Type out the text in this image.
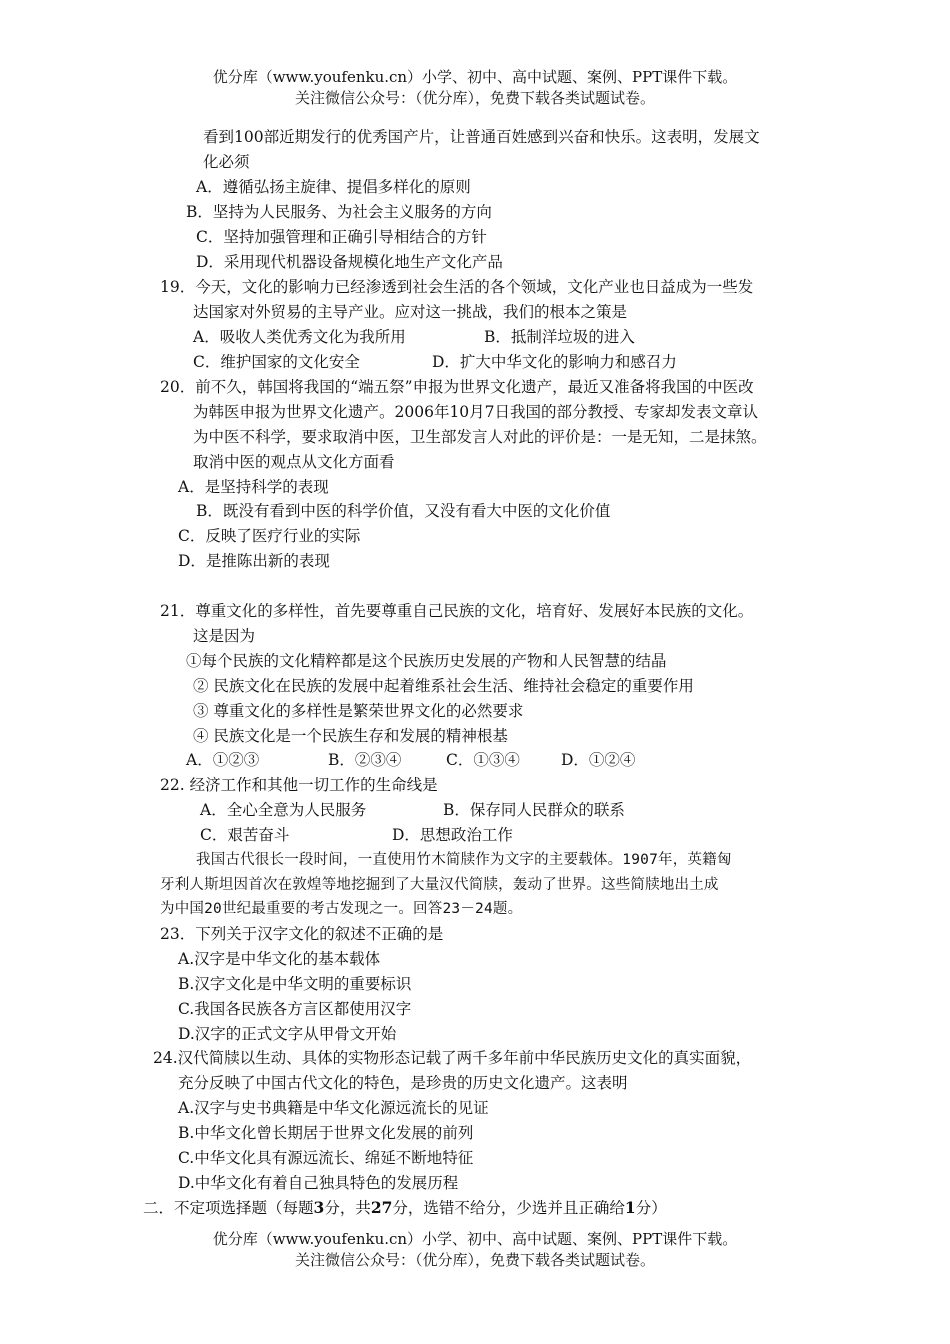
优分库（www.youfenku.cn）小学、初中、高中试题、案例、PPT课件下载。
关注微信公众号：（优分库），免费下载各类试题试卷。
看到100部近期发行的优秀国产片，让普通百姓感到兴奋和快乐。这表明，发展文
化必须
A．遵循弘扬主旋律、提倡多样化的原则
B．坚持为人民服务、为社会主义服务的方向
C．坚持加强管理和正确引导相结合的方针
D．采用现代机器设备规模化地生产文化产品
19．今天，文化的影响力已经渗透到社会生活的各个领域，文化产业也日益成为一些发
达国家对外贸易的主导产业。应对这一挑战，我们的根本之策是
A．吸收人类优秀文化为我所用	B．抵制洋垃圾的进入
C．维护国家的文化安全	D．扩大中华文化的影响力和感召力
20．前不久，韩国将我国的“端五祭”申报为世界文化遗产，最近又准备将我国的中医改
为韩医申报为世界文化遗产。2006年10月7日我国的部分教授、专家却发表文章认
为中医不科学，要求取消中医，卫生部发言人对此的评价是：一是无知，二是抹煞。
取消中医的观点从文化方面看
A．是坚持科学的表现
B．既没有看到中医的科学价值，又没有看大中医的文化价值
C．反映了医疗行业的实际
D．是推陈出新的表现
21．尊重文化的多样性，首先要尊重自己民族的文化，培育好、发展好本民族的文化。
这是因为
①每个民族的文化精粹都是这个民族历史发展的产物和人民智慧的结晶
② 民族文化在民族的发展中起着维系社会生活、维持社会稳定的重要作用
③ 尊重文化的多样性是繁荣世界文化的必然要求
④ 民族文化是一个民族生存和发展的精神根基
A．①②③	B．②③④	C．①③④	D．①②④
22. 经济工作和其他一切工作的生命线是
A．全心全意为人民服务	B．保存同人民群众的联系
C．艰苦奋斗	D．思想政治工作
我国古代很长一段时间，一直使用竹木简牍作为文字的主要载体。1907年，英籍匈
牙利人斯坦因首次在敦煌等地挖掘到了大量汉代简牍，轰动了世界。这些简牍地出土成
为中国20世纪最重要的考古发现之一。回答23－24题。
23．下列关于汉字文化的叙述不正确的是
A.汉字是中华文化的基本载体
B.汉字文化是中华文明的重要标识
C.我国各民族各方言区都使用汉字
D.汉字的正式文字从甲骨文开始
24.汉代简牍以生动、具体的实物形态记载了两千多年前中华民族历史文化的真实面貌，
充分反映了中国古代文化的特色，是珍贵的历史文化遗产。这表明
A.汉字与史书典籍是中华文化源远流长的见证
B.中华文化曾长期居于世界文化发展的前列
C.中华文化具有源远流长、绵延不断地特征
D.中华文化有着自己独具特色的发展历程
二．不定项选择题（每题3分，共27分，选错不给分，少选并且正确给1分）
优分库（www.youfenku.cn）小学、初中、高中试题、案例、PPT课件下载。
关注微信公众号：（优分库），免费下载各类试题试卷。
